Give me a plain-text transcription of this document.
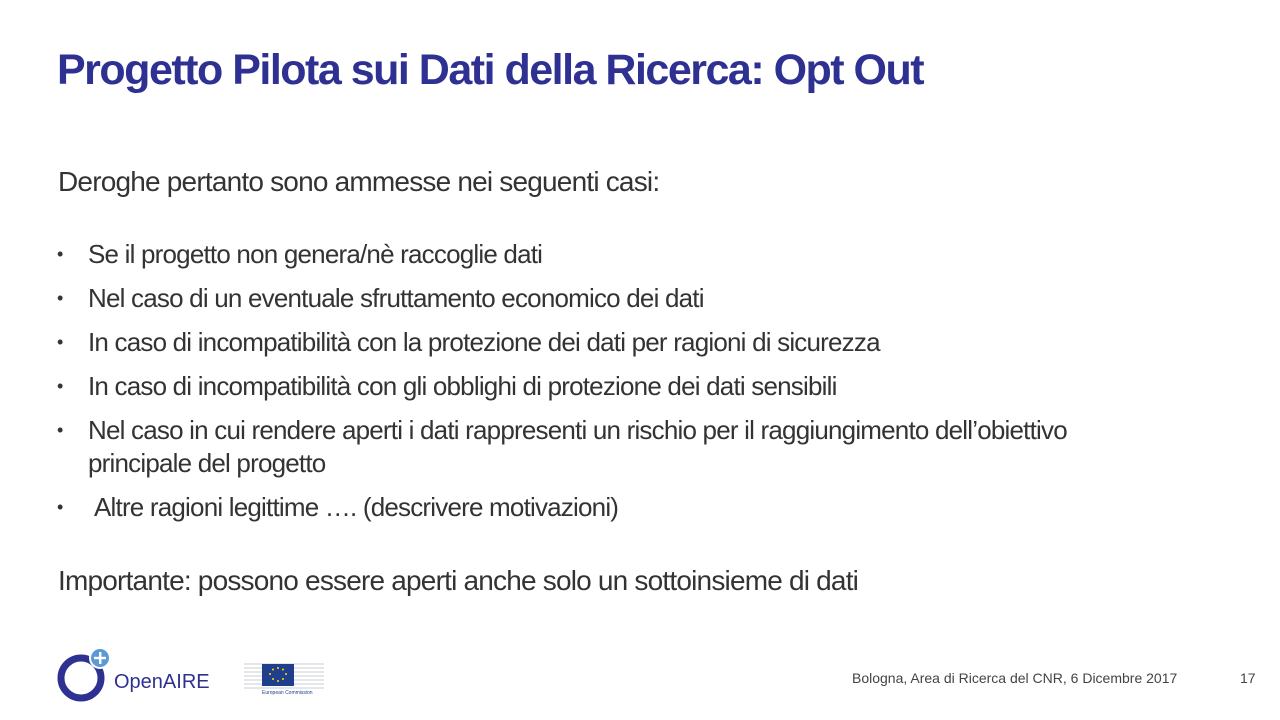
Progetto Pilota sui Dati della Ricerca: Opt Out
Deroghe pertanto sono ammesse nei seguenti casi:
• Se il progetto non genera/nè raccoglie dati
• Nel caso di un eventuale sfruttamento economico dei dati
• In caso di incompatibilità con la protezione dei dati per ragioni di sicurezza
• In caso di incompatibilità con gli obblighi di protezione dei dati sensibili
• Nel caso in cui rendere aperti i dati rappresenti un rischio per il raggiungimento dell’obiettivo principale del progetto
• Altre ragioni legittime …. (descrivere motivazioni)
Importante: possono essere aperti anche solo un sottoinsieme di dati
OpenAIRE	European Commission
Bologna, Area di Ricerca del CNR, 6 Dicembre 2017	17
